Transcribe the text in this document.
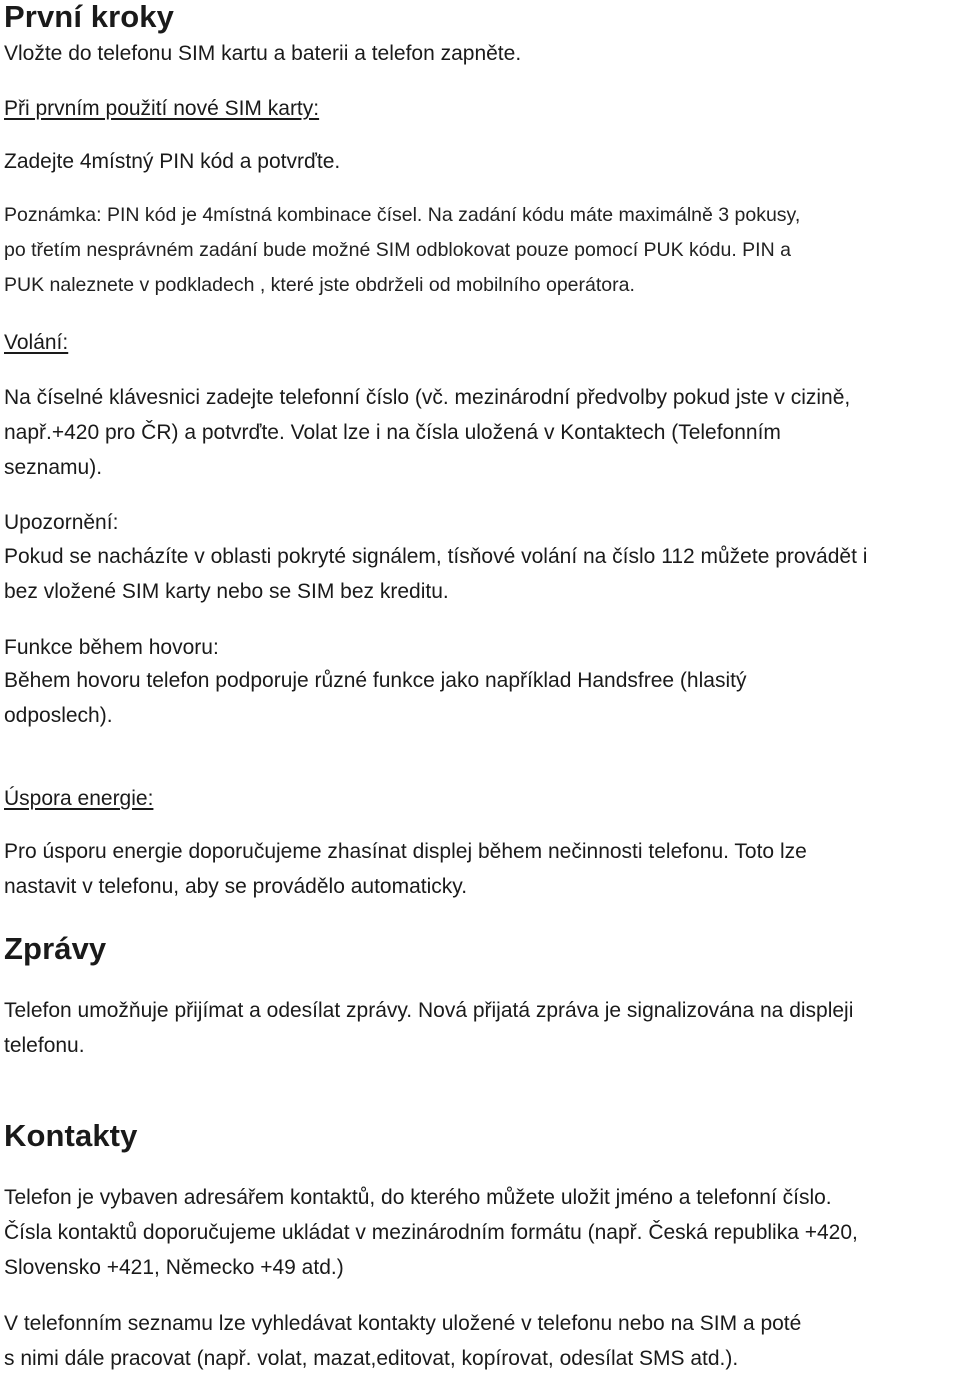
První kroky

Vložte do telefonu SIM kartu a baterii a telefon zapněte.

Při prvním použití nové SIM karty:

Zadejte 4místný PIN kód a potvrďte.

Poznámka: PIN kód je 4místná kombinace čísel. Na zadání kódu máte maximálně 3 pokusy,
po třetím nesprávném zadání bude možné SIM odblokovat pouze pomocí PUK kódu. PIN a
PUK naleznete v podkladech , které jste obdrželi od mobilního operátora.

Volání:

Na číselné klávesnici zadejte telefonní číslo (vč. mezinárodní předvolby pokud jste v cizině,
např.+420 pro ČR) a potvrďte. Volat lze i na čísla uložená v Kontaktech (Telefonním
seznamu).

Upozornění:

Pokud se nacházíte v oblasti pokryté signálem, tísňové volání na číslo 112 můžete provádět i
bez vložené SIM karty nebo se SIM bez kreditu.

Funkce během hovoru:

Během hovoru telefon podporuje různé funkce jako například Handsfree (hlasitý
odposlech).

Úspora energie:

Pro úsporu energie doporučujeme zhasínat displej během nečinnosti telefonu. Toto lze
nastavit v telefonu, aby se provádělo automaticky.
Zprávy
Telefon umožňuje přijímat a odesílat zprávy. Nová přijatá zpráva je signalizována na displeji
telefonu.
Kontakty
Telefon je vybaven adresářem kontaktů, do kterého můžete uložit jméno a telefonní číslo.
Čísla kontaktů doporučujeme ukládat v mezinárodním formátu (např. Česká republika +420,
Slovensko +421, Německo +49 atd.)
V telefonním seznamu lze vyhledávat kontakty uložené v telefonu nebo na SIM a poté
s nimi dále pracovat (např. volat, mazat,editovat, kopírovat, odesílat SMS atd.).
